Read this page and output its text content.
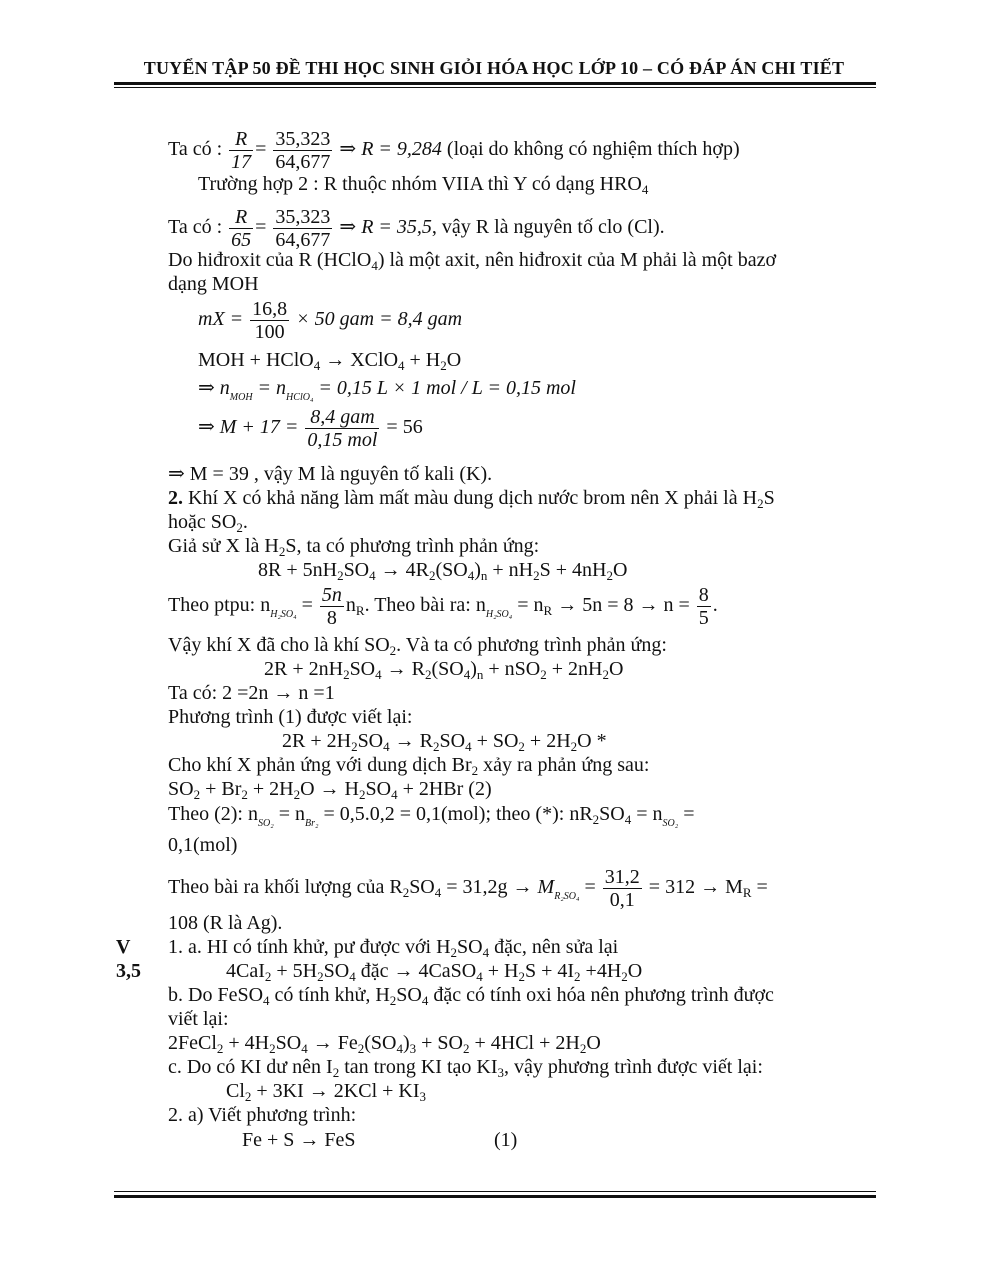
TUYỂN TẬP 50 ĐỀ THI HỌC SINH GIỎI HÓA HỌC LỚP 10 – CÓ ĐÁP ÁN CHI TIẾT
Ta có : $\frac{R}{17} = \frac{35,323}{64,677}$ ⇒ R = 9,284 (loại do không có nghiệm thích hợp)
Trường hợp 2 : R thuộc nhóm VIIA thì Y có dạng $HRO_4$
Ta có : $\frac{R}{65} = \frac{35,323}{64,677}$ ⇒ R = 35,5, vậy R là nguyên tố clo (Cl).
Do hiđroxit của R (HClO$_4$) là một axit, nên hiđroxit của M phải là một bazơ
dạng MOH
mX = $\frac{16,8}{100} \times 50$ gam = 8,4 gam
MOH + HClO$_4$ → XClO$_4$ + $H_2O$
⇒ $n_{MOH} = n_{HClO_4} = 0,15$ L × 1 mol / L = 0,15 mol
⇒ $M + 17 = \frac{\text{8,4 gam}}{\text{0,15 mol}} = 56$
⇒ M = 39 , vậy M là nguyên tố kali (K).
2. Khí X có khả năng làm mất màu dung dịch nước brom nên X phải là $H_2S$
hoặc $SO_2$.
Giả sử X là $H_2S$, ta có phương trình phản ứng:
$8R + 5nH_2SO_4 \to 4R_2(SO_4)_n + nH_2S + 4nH_2O$
Theo ptpu: $n_{H_2SO_4} = \frac{5n}{8} n_R$. Theo bài ra: $n_{H_2SO_4} = n_R \to 5n = 8 \to n = \frac{8}{5}$ .
Vậy khí X đã cho là khí $SO_2$. Và ta có phương trình phản ứng:
$2R + 2nH_2SO_4 \to R_2(SO_4)_n + nSO_2 + 2nH_2O$
Ta có: 2 =2n → n =1
Phương trình (1) được viết lại:
$2R + 2H_2SO_4 \to R_2SO_4 + SO_2 + 2H_2O$ *
Cho khí X phản ứng với dung dịch $Br_2$ xảy ra phản ứng sau:
$SO_2 + Br_2 + 2H_2O \to H_2SO_4 + 2HBr$ (2)
Theo (2): $n_{SO_2} = n_{Br_2} = 0,5.0,2 = 0,1(mol)$; theo (*): $nR_2SO_4 = n_{SO_2}$ =
0,1(mol)
Theo bài ra khối lượng của $R_2SO_4 = 31,2g \to M_{R_2SO_4} = \frac{31,2}{0,1} = 312 \to M_R$ =
108 (R là Ag).
V
3,5
1. a. HI có tính khử, pư được với $H_2SO_4$ đặc, nên sửa lại
$4CaI_2 + 5H_2SO_4$ đặc → 4CaSO$_4$ + $H_2S + 4I_2 +4H_2O$
b. Do FeSO$_4$ có tính khử, $H_2SO_4$ đặc có tính oxi hóa nên phương trình được
viết lại:
2FeCl$_2$ + $4H_2SO_4 \to Fe_2(SO_4)_3 + SO_2 + 4HCl + 2H_2O$
c. Do có KI dư nên $I_2$ tan trong KI tạo $KI_3$, vậy phương trình được viết lại:
$Cl_2 + 3KI \to 2KCl + KI_3$
2. a) Viết phương trình:
Fe + S → FeS	(1)
